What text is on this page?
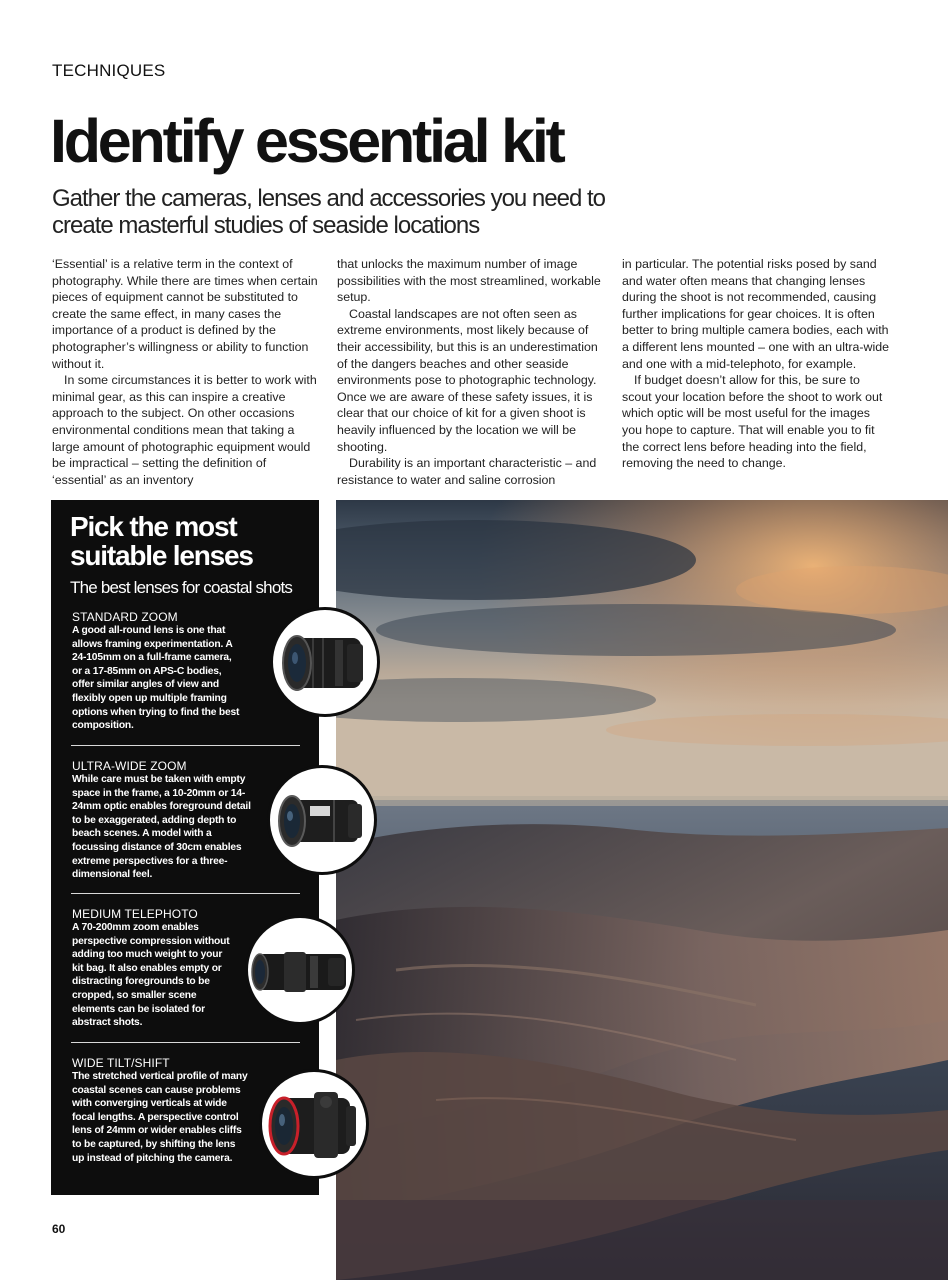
TECHNIQUES
Identify essential kit

Gather the cameras, lenses and accessories you need to create masterful studies of seaside locations

‘Essential’ is a relative term in the context of photography. While there are times when certain pieces of equipment cannot be substituted to create the same effect, in many cases the importance of a product is defined by the photographer’s willingness or ability to function without it.

In some circumstances it is better to work with minimal gear, as this can inspire a creative approach to the subject. On other occasions environmental conditions mean that taking a large amount of photographic equipment would be impractical – setting the definition of ‘essential’ as an inventory

that unlocks the maximum number of image possibilities with the most streamlined, workable setup.

Coastal landscapes are not often seen as extreme environments, most likely because of their accessibility, but this is an underestimation of the dangers beaches and other seaside environments pose to photographic technology. Once we are aware of these safety issues, it is clear that our choice of kit for a given shoot is heavily influenced by the location we will be shooting.

Durability is an important characteristic – and resistance to water and saline corrosion

in particular. The potential risks posed by sand and water often means that changing lenses during the shoot is not recommended, causing further implications for gear choices. It is often better to bring multiple camera bodies, each with a different lens mounted – one with an ultra-wide and one with a mid-telephoto, for example.

If budget doesn’t allow for this, be sure to scout your location before the shoot to work out which optic will be most useful for the images you hope to capture. That will enable you to fit the correct lens before heading into the field, removing the need to change.

Pick the most
suitable lenses
The best lenses for coastal shots
STANDARD ZOOM

A good all-round lens is one that allows framing experimentation. A 24-105mm on a full-frame camera, or a 17-85mm on APS-C bodies, offer similar angles of view and flexibly open up multiple framing options when trying to find the best composition.

ULTRA-WIDE ZOOM

While care must be taken with empty space in the frame, a 10-20mm or 14-24mm optic enables foreground detail to be exaggerated, adding depth to beach scenes. A model with a focussing distance of 30cm enables extreme perspectives for a three-dimensional feel.

MEDIUM TELEPHOTO

A 70-200mm zoom enables perspective compression without adding too much weight to your kit bag. It also enables empty or distracting foregrounds to be cropped, so smaller scene elements can be isolated for abstract shots.

WIDE TILT/SHIFT

The stretched vertical profile of many coastal scenes can cause problems with converging verticals at wide focal lengths. A perspective control lens of 24mm or wider enables cliffs to be captured, by shifting the lens up instead of pitching the camera.

60
